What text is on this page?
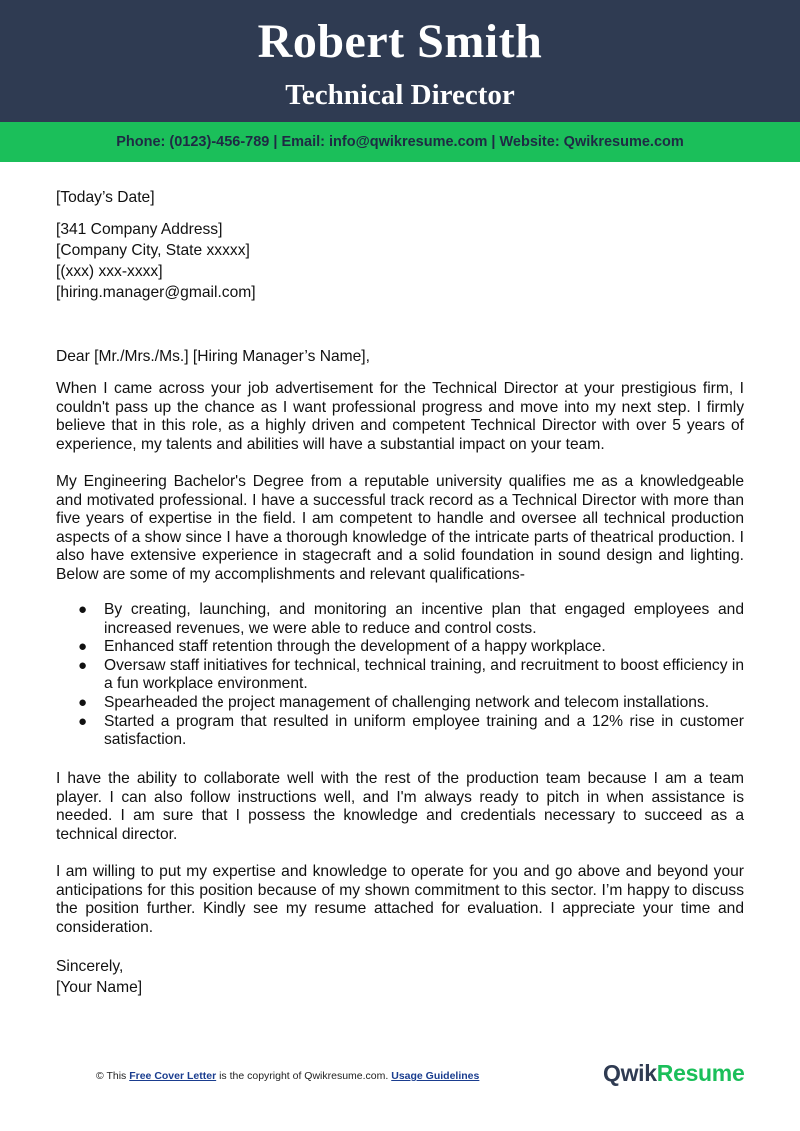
Robert Smith
Technical Director
Phone: (0123)-456-789 | Email: info@qwikresume.com | Website: Qwikresume.com
[Today’s Date]
[341 Company Address]
[Company City, State xxxxx]
[(xxx) xxx-xxxx]
[hiring.manager@gmail.com]
Dear [Mr./Mrs./Ms.] [Hiring Manager’s Name],
When I came across your job advertisement for the Technical Director at your prestigious firm, I couldn't pass up the chance as I want professional progress and move into my next step. I firmly believe that in this role, as a highly driven and competent Technical Director with over 5 years of experience, my talents and abilities will have a substantial impact on your team.
My Engineering Bachelor's Degree from a reputable university qualifies me as a knowledgeable and motivated professional. I have a successful track record as a Technical Director with more than five years of expertise in the field. I am competent to handle and oversee all technical production aspects of a show since I have a thorough knowledge of the intricate parts of theatrical production. I also have extensive experience in stagecraft and a solid foundation in sound design and lighting. Below are some of my accomplishments and relevant qualifications-
● By creating, launching, and monitoring an incentive plan that engaged employees and increased revenues, we were able to reduce and control costs.
● Enhanced staff retention through the development of a happy workplace.
● Oversaw staff initiatives for technical, technical training, and recruitment to boost efficiency in a fun workplace environment.
● Spearheaded the project management of challenging network and telecom installations.
● Started a program that resulted in uniform employee training and a 12% rise in customer satisfaction.
I have the ability to collaborate well with the rest of the production team because I am a team player. I can also follow instructions well, and I'm always ready to pitch in when assistance is needed. I am sure that I possess the knowledge and credentials necessary to succeed as a technical director.
I am willing to put my expertise and knowledge to operate for you and go above and beyond your anticipations for this position because of my shown commitment to this sector. I’m happy to discuss the position further. Kindly see my resume attached for evaluation. I appreciate your time and consideration.
Sincerely,
[Your Name]
© This Free Cover Letter is the copyright of Qwikresume.com. Usage Guidelines	QwikResume
